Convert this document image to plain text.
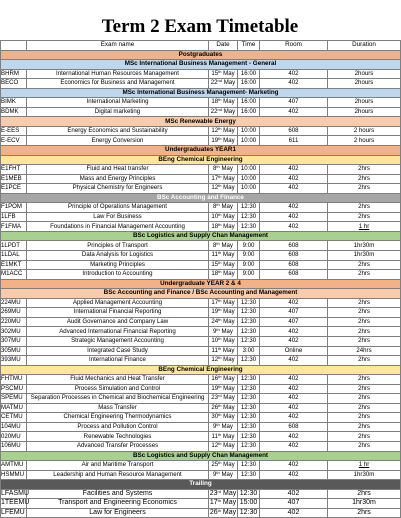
Term 2 Exam Timetable
	Exam name	Date	Time	Room	Duration
Postgraduates					
MSc International Business Management - General					
BHRM	International Human Resources Management	15th May	16:00	402	2hours
BECO	Economics for Business and Management	22nd May	16:00	402	2hours
MSc International Business Management- Marketing					
BIMK	International Marketing	18th May	16:00	407	2hours
BDMK	Digital marketing	22nd May	16:00	402	2hours
MSc Renewable Energy					
E-EES	Energy Economics and Sustainability	12th May	10:00	608	2 hours
E-ECV	Energy Conversion	19th May	10:00	611	2 hours
Undergraduates YEAR1					
BEng Chemical Engineering					
E1FHT	Fluid and Heat transfer	8th May	10:00	402	2hrs
E1MEB	Mass and Energy Principles	17th May	10:00	402	2hrs
E1PCE	Physical Chemistry for Engineers	12th May	10:00	402	2hrs
BSc Accounting and Finance					
F1POM	Principle of Operations Management	8th May	12:30	402	2hrs
1LFB	Law For Business	10th May	12:30	402	2hrs
F1FMA	Foundations in Financial Management Accounting	18th May	12:30	402	1 hr
BSc Logistics and Supply Chan Management					
1LPDT	Principles of Transport	8th May	9:00	608	1hr30m
1LDAL	Data Analysis for Logistics	11th May	9:00	608	1hr30m
E1MKT	Marketing Principles	15th May	9:00	608	2hrs
M1ACC	Introduction to Accounting	18th May	9:00	608	2hrs
Undergraduate YEAR 2 & 4					
BSc Accounting and Finance / BSc Accounting and Management					
224MU	Applied Management Accounting	17th May	12:30	402	2hrs
269MU	International Financial Reporting	19th May	12:30	407	2hrs
220MU	Audit Governance and Company Law	24th May	12:30	407	2hrs
302MU	Advanced International Financial Reporting	9th May	12:30	402	2hrs
307MU	Strategic Management Accounting	10th May	12:30	402	2hrs
305MU	Integrated Case Study	11th May	3:00	Online	24hrs
393MU	International Finance	12th May	12:30	402	2hrs
BEng Chemical Engineering					
FHTMU	Fluid Mechanics and Heat Transfer	16th May	12:30	402	2hrs
PSCMU	Process Simulation and Control	19th May	12:30	402	2hrs
SPEMU	Separation Processes in Chemical and Biochemical Engineering	23rd May	12:30	402	2hrs
MATMU	Mass Transfer	26th May	12:30	402	2hrs
CETMU	Chemical Engineering Thermodynamics	30th May	12:30	402	2hrs
104MU	Process and Pollution Control	9th May	12:30	608	2hrs
020MU	Renewable Technologies	11th May	12:30	402	2hrs
106MU	Advanced Transfer Processes	12th May	12:30	402	2hrs
BSc Logistics and Supply Chan Management					
AMTMU	Air and Maritime Transport	25th May	12:30	402	1 hr
HSMMU	Leadership and Human Resource Management	9th May	12:30	402	1hr30m
Trailing					
LFASMU	Facilities and Systems	23rd May	12:30	402	2hrs
1TEEMU	Transport and Engineering Economics	17th May	15:00	407	1hr30m
LFEMU	Law for Engineers	26th May	12:30	402	2hrs
